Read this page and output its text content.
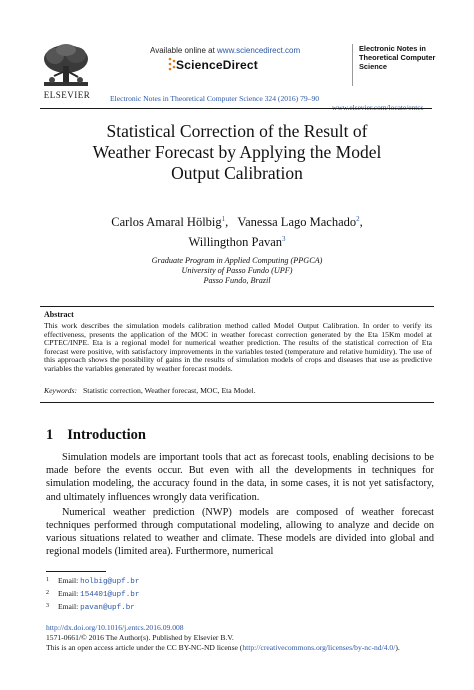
ELSEVIER
Available online at www.sciencedirect.com
ScienceDirect
Electronic Notes in Theoretical Computer Science 324 (2016) 79–90
Electronic Notes in
Theoretical Computer
Science
www.elsevier.com/locate/entcs
Statistical Correction of the Result of
Weather Forecast by Applying the Model
Output Calibration
Carlos Amaral Hölbig$^1$,   Vanessa Lago Machado$^2$,
Willingthon Pavan$^3$
Graduate Program in Applied Computing (PPGCA)
University of Passo Fundo (UPF)
Passo Fundo, Brazil
Abstract
This work describes the simulation models calibration method called Model Output Calibration. In order to verify its effectiveness, presents the application of the MOC in weather forecast correction generated by the Eta 15Km model at CPTEC/INPE. Eta is a regional model for numerical weather prediction. The results of the statistical correction of Eta forecast were positive, with satisfactory improvements in the variables tested (temperature and relative humidity). The use of this approach shows the possibility of gains in the results of simulation models of crops and diseases that use as predictive variables the variables generated by weather forecast models.
Keywords: Statistic correction, Weather forecast, MOC, Eta Model.
1 Introduction

Simulation models are important tools that act as forecast tools, enabling decisions to be made before the events occur. But even with all the developments in techniques for simulation modeling, the accuracy found in the data, in some cases, it is not yet satisfactory, and ultimately influences wrongly data verification.

Numerical weather prediction (NWP) models are composed of weather forecast techniques performed through computational modeling, allowing to analyze and decide on various situations related to weather and climate. These models are divided into global and regional models (limited area). Furthermore, numerical

1 Email: holbig@upf.br
2 Email: 154401@upf.br
3 Email: pavan@upf.br
http://dx.doi.org/10.1016/j.entcs.2016.09.008
1571-0661/© 2016 The Author(s). Published by Elsevier B.V.
This is an open access article under the CC BY-NC-ND license (http://creativecommons.org/licenses/by-nc-nd/4.0/).
